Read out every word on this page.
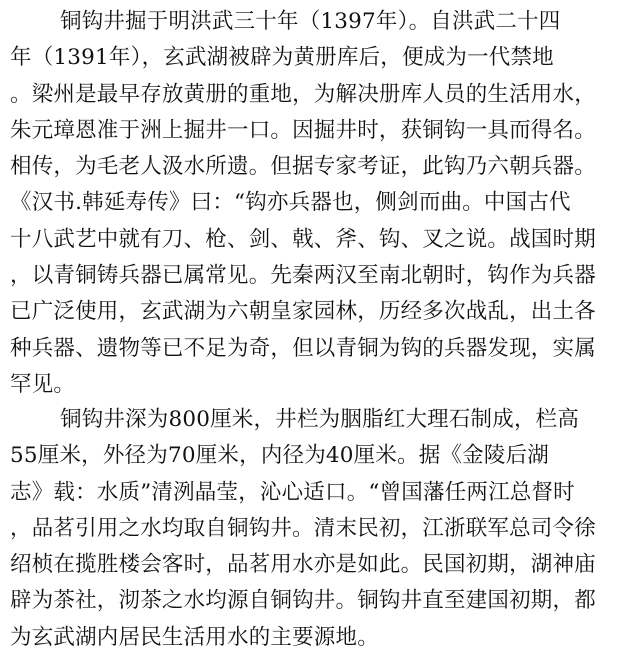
铜钩井掘于明洪武三十年（1397年）。自洪武二十四
年（1391年），玄武湖被辟为黄册库后，便成为一代禁地
。梁州是最早存放黄册的重地，为解决册库人员的生活用水，
朱元璋恩准于洲上掘井一口。因掘井时，获铜钩一具而得名。
相传，为毛老人汲水所遗。但据专家考证，此钩乃六朝兵器。
《汉书.韩延寿传》曰：“钩亦兵器也，侧剑而曲。中国古代
十八武艺中就有刀、枪、剑、戟、斧、钩、叉之说。战国时期
，以青铜铸兵器已属常见。先秦两汉至南北朝时，钩作为兵器
已广泛使用，玄武湖为六朝皇家园林，历经多次战乱，出土各
种兵器、遗物等已不足为奇，但以青铜为钩的兵器发现，实属
罕见。
铜钩井深为800厘米，井栏为胭脂红大理石制成，栏高
55厘米，外径为70厘米，内径为40厘米。据《金陵后湖
志》载：水质”清洌晶莹，沁心适口。“曾国藩任两江总督时
，品茗引用之水均取自铜钩井。清末民初，江浙联军总司令徐
绍桢在揽胜楼会客时，品茗用水亦是如此。民国初期，湖神庙
辟为茶社，沏茶之水均源自铜钩井。铜钩井直至建国初期，都
为玄武湖内居民生活用水的主要源地。
